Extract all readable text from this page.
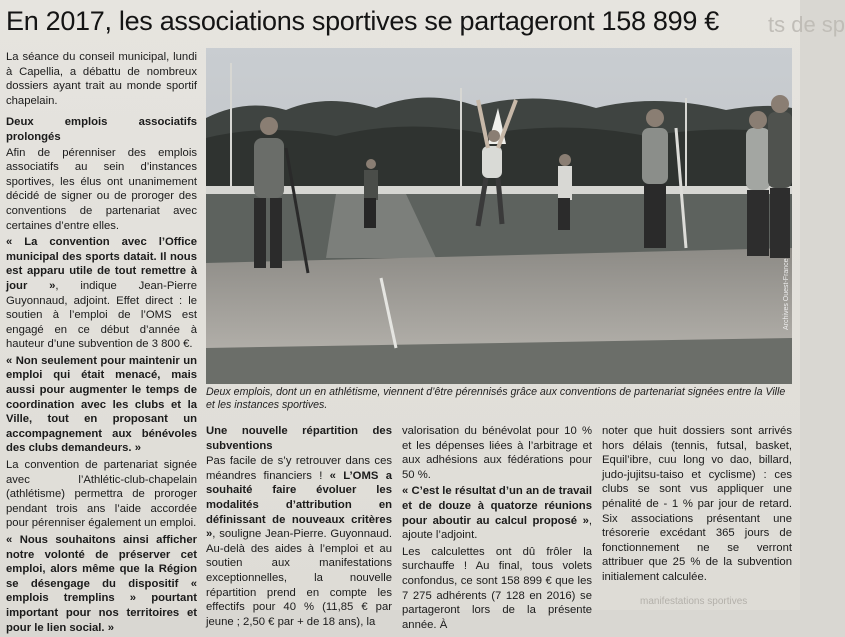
En 2017, les associations sportives se partageront 158 899 €	ts de sp

La séance du conseil municipal, lundi à Capellia, a débattu de nombreux dossiers ayant trait au monde sportif chapelain.

Deux emplois associatifs prolongés

Afin de pérenniser des emplois associatifs au sein d’instances sportives, les élus ont unanimement décidé de signer ou de proroger des conventions de partenariat avec certaines d’entre elles.

« La convention avec l’Office municipal des sports datait. Il nous est apparu utile de tout remettre à jour », indique Jean-Pierre Guyonnaud, adjoint. Effet direct : le soutien à l’emploi de l’OMS est engagé en ce début d’année à hauteur d’une subvention de 3 800 €.

« Non seulement pour maintenir un emploi qui était menacé, mais aussi pour augmenter le temps de coordination avec les clubs et la Ville, tout en proposant un accompagnement aux bénévoles des clubs demandeurs. »

La convention de partenariat signée avec l’Athlétic-club-chapelain (athlétisme) permettra de proroger pendant trois ans l’aide accordée pour pérenniser également un emploi.

« Nous souhaitons ainsi afficher notre volonté de préserver cet emploi, alors même que la Région se désengage du dispositif « emplois tremplins » pourtant important pour nos territoires et pour le lien social. »

Archives Ouest-France
Deux emplois, dont un en athlétisme, viennent d’être pérennisés grâce aux conventions de partenariat signées entre la Ville et les instances sportives.

Une nouvelle répartition des subventions

Pas facile de s’y retrouver dans ces méandres financiers ! « L’OMS a souhaité faire évoluer les modalités d’attribution en définissant de nouveaux critères », souligne Jean-Pierre. Guyonnaud. Au-delà des aides à l’emploi et au soutien aux manifestations exceptionnelles, la nouvelle répartition prend en compte les effectifs pour 40 % (11,85 € par jeune ; 2,50 € par + de 18 ans), la

valorisation du bénévolat pour 10 % et les dépenses liées à l’arbitrage et aux adhésions aux fédérations pour 50 %.

« C’est le résultat d’un an de travail et de douze à quatorze réunions pour aboutir au calcul proposé », ajoute l’adjoint.

Les calculettes ont dû frôler la surchauffe ! Au final, tous volets confondus, ce sont 158 899 € que les 7 275 adhérents (7 128 en 2016) se partageront lors de la présente année. À

noter que huit dossiers sont arrivés hors délais (tennis, futsal, basket, Equil’ibre, cuu long vo dao, billard, judo-jujitsu-taiso et cyclisme) : ces clubs se sont vus appliquer une pénalité de - 1 % par jour de retard. Six associations présentant une trésorerie excédant 365 jours de fonctionnement ne se verront attribuer que 25 % de la subvention initialement calculée.

manifestations sportives
